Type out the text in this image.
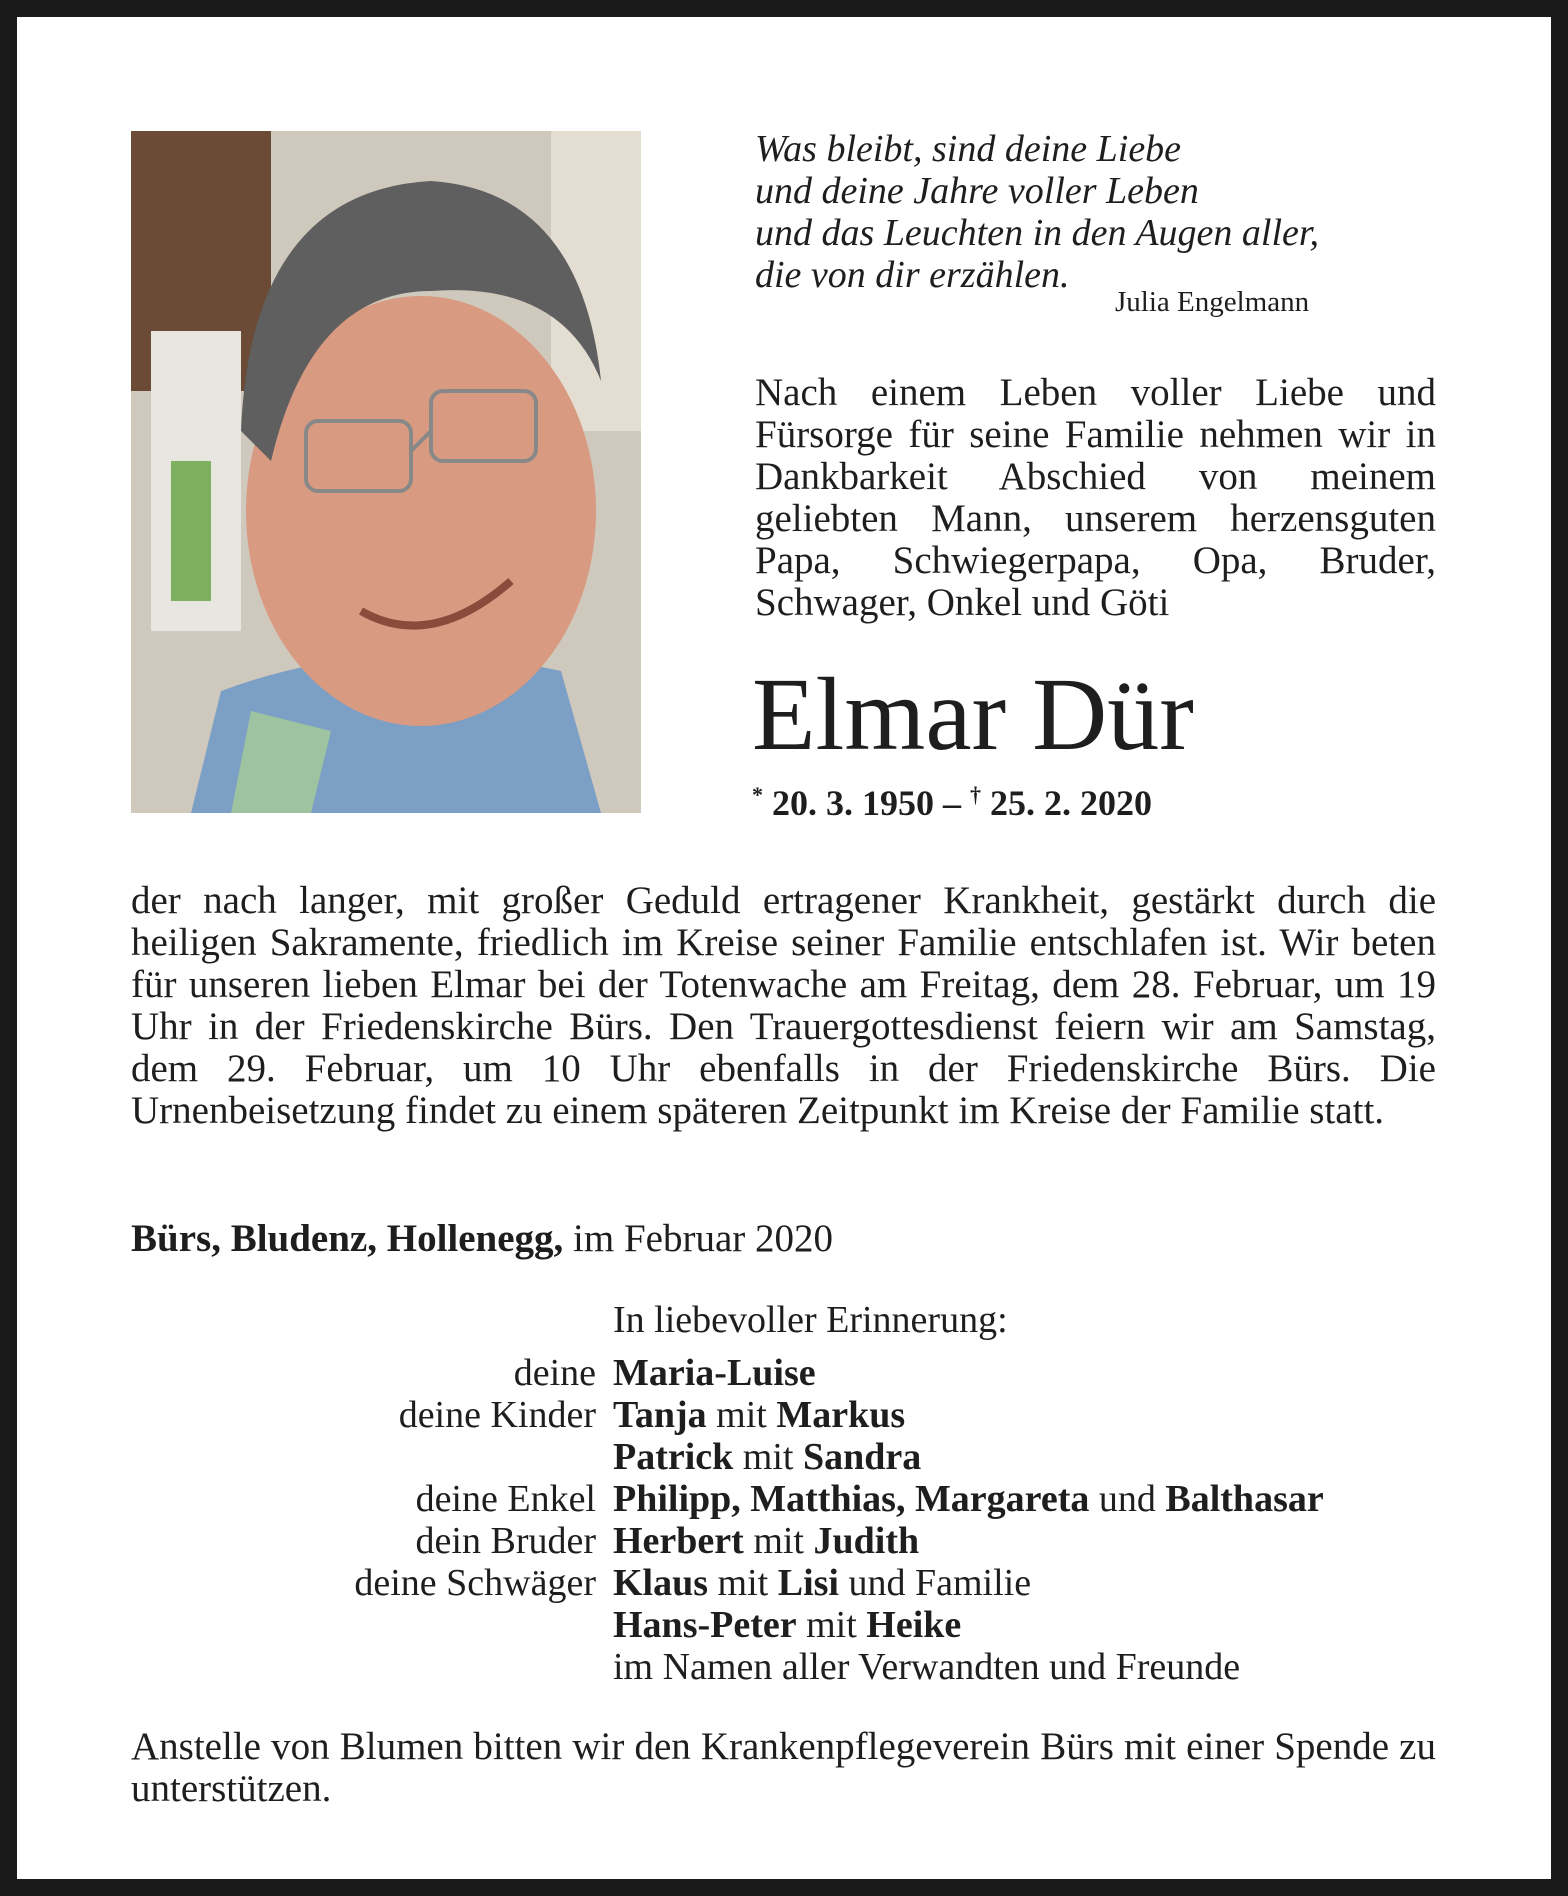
Was bleibt, sind deine Liebe
und deine Jahre voller Leben
und das Leuchten in den Augen aller,
die von dir erzählen.
Julia Engelmann
Nach einem Leben voller Liebe und Fürsorge für seine Familie nehmen wir in Dankbarkeit Abschied von meinem geliebten Mann, unserem herzensguten Papa, Schwiegerpapa, Opa, Bruder, Schwager, Onkel und Göti
Elmar Dür
* 20. 3. 1950 – † 25. 2. 2020
der nach langer, mit großer Geduld ertragener Krankheit, gestärkt durch die heiligen Sakramente, friedlich im Kreise seiner Familie entschlafen ist. Wir beten für unseren lieben Elmar bei der Totenwache am Freitag, dem 28. Februar, um 19 Uhr in der Friedenskirche Bürs. Den Trauergottesdienst feiern wir am Samstag, dem 29. Februar, um 10 Uhr ebenfalls in der Friedenskirche Bürs. Die Urnenbeisetzung findet zu einem späteren Zeitpunkt im Kreise der Familie statt.
Bürs, Bludenz, Hollenegg, im Februar 2020
In liebevoller Erinnerung:
deine Maria-Luise
deine Kinder Tanja mit Markus
Patrick mit Sandra
deine Enkel Philipp, Matthias, Margareta und Balthasar
dein Bruder Herbert mit Judith
deine Schwäger Klaus mit Lisi und Familie
Hans-Peter mit Heike
im Namen aller Verwandten und Freunde
Anstelle von Blumen bitten wir den Krankenpflegeverein Bürs mit einer Spende zu unterstützen.
